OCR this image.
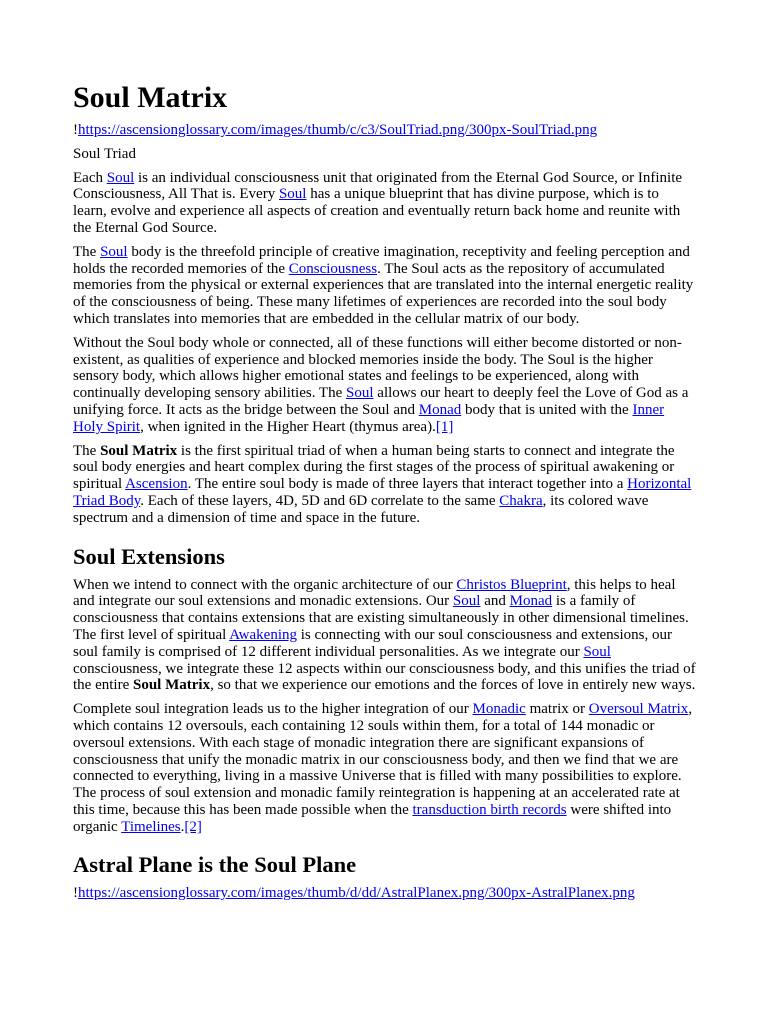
Soul Matrix

!https://ascensionglossary.com/images/thumb/c/c3/SoulTriad.png/300px-SoulTriad.png

Soul Triad

Each Soul is an individual consciousness unit that originated from the Eternal God Source, or Infinite Consciousness, All That is. Every Soul has a unique blueprint that has divine purpose, which is to learn, evolve and experience all aspects of creation and eventually return back home and reunite with the Eternal God Source.

The Soul body is the threefold principle of creative imagination, receptivity and feeling perception and holds the recorded memories of the Consciousness. The Soul acts as the repository of accumulated memories from the physical or external experiences that are translated into the internal energetic reality of the consciousness of being. These many lifetimes of experiences are recorded into the soul body which translates into memories that are embedded in the cellular matrix of our body.

Without the Soul body whole or connected, all of these functions will either become distorted or non-existent, as qualities of experience and blocked memories inside the body. The Soul is the higher sensory body, which allows higher emotional states and feelings to be experienced, along with continually developing sensory abilities. The Soul allows our heart to deeply feel the Love of God as a unifying force. It acts as the bridge between the Soul and Monad body that is united with the Inner Holy Spirit, when ignited in the Higher Heart (thymus area).[1]

The Soul Matrix is the first spiritual triad of when a human being starts to connect and integrate the soul body energies and heart complex during the first stages of the process of spiritual awakening or spiritual Ascension. The entire soul body is made of three layers that interact together into a Horizontal Triad Body. Each of these layers, 4D, 5D and 6D correlate to the same Chakra, its colored wave spectrum and a dimension of time and space in the future.

Soul Extensions

When we intend to connect with the organic architecture of our Christos Blueprint, this helps to heal and integrate our soul extensions and monadic extensions. Our Soul and Monad is a family of consciousness that contains extensions that are existing simultaneously in other dimensional timelines. The first level of spiritual Awakening is connecting with our soul consciousness and extensions, our soul family is comprised of 12 different individual personalities. As we integrate our Soul consciousness, we integrate these 12 aspects within our consciousness body, and this unifies the triad of the entire Soul Matrix, so that we experience our emotions and the forces of love in entirely new ways.

Complete soul integration leads us to the higher integration of our Monadic matrix or Oversoul Matrix, which contains 12 oversouls, each containing 12 souls within them, for a total of 144 monadic or oversoul extensions. With each stage of monadic integration there are significant expansions of consciousness that unify the monadic matrix in our consciousness body, and then we find that we are connected to everything, living in a massive Universe that is filled with many possibilities to explore. The process of soul extension and monadic family reintegration is happening at an accelerated rate at this time, because this has been made possible when the transduction birth records were shifted into organic Timelines.[2]

Astral Plane is the Soul Plane

!https://ascensionglossary.com/images/thumb/d/dd/AstralPlanex.png/300px-AstralPlanex.png
